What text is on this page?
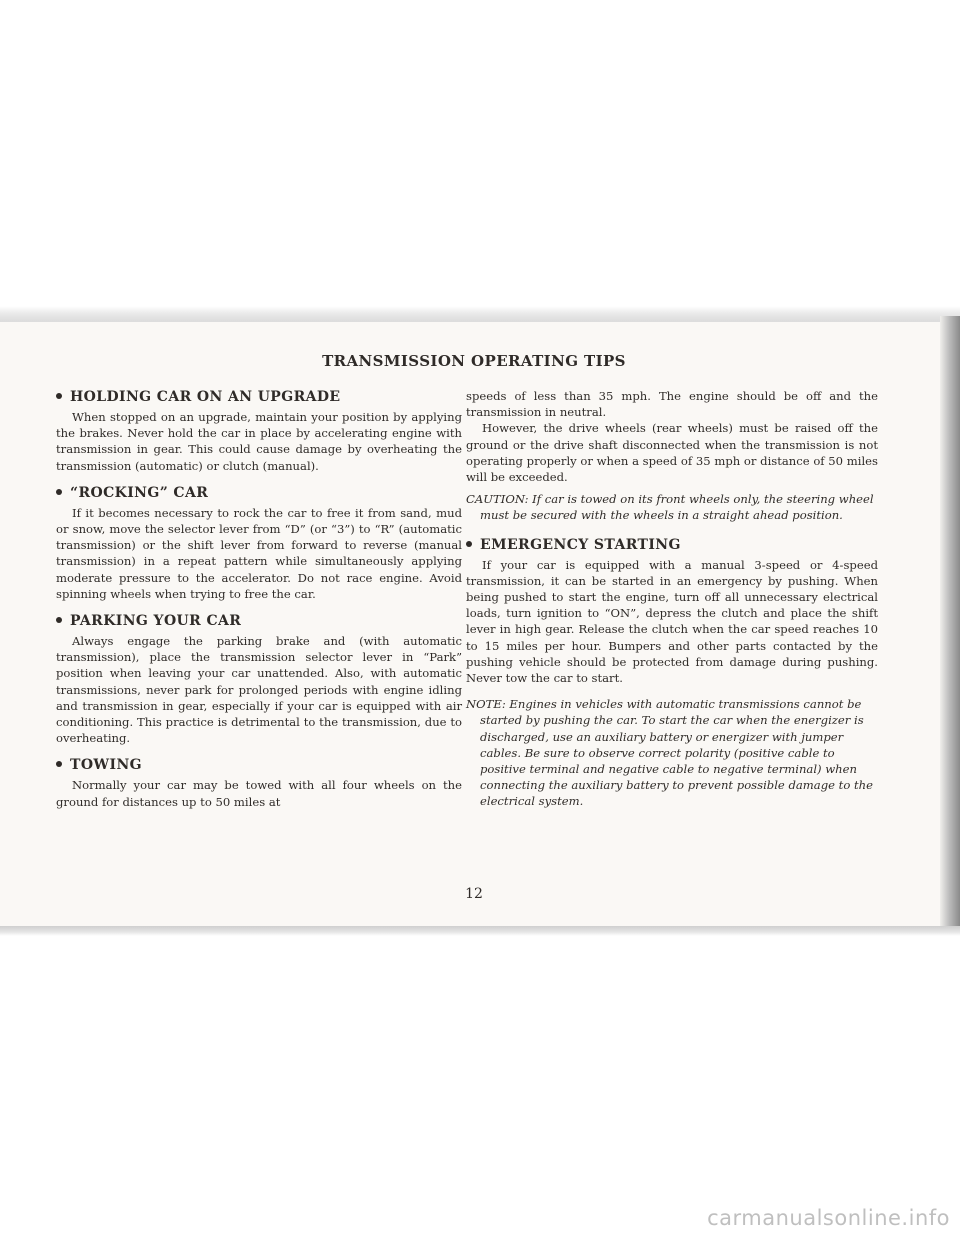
TRANSMISSION OPERATING TIPS
HOLDING CAR ON AN UPGRADE

When stopped on an upgrade, maintain your position by applying the brakes. Never hold the car in place by accelerating engine with transmission in gear. This could cause damage by overheating the transmission (automatic) or clutch (manual).

“ROCKING” CAR

If it becomes necessary to rock the car to free it from sand, mud or snow, move the selector lever from “D” (or “3”) to “R” (automatic transmission) or the shift lever from forward to reverse (manual transmission) in a repeat pattern while simultaneously applying moderate pressure to the accelerator. Do not race engine. Avoid spinning wheels when trying to free the car.

PARKING YOUR CAR

Always engage the parking brake and (with automatic transmission), place the transmission selector lever in “Park” position when leaving your car unattended. Also, with automatic transmissions, never park for prolonged periods with engine idling and transmission in gear, especially if your car is equipped with air conditioning. This practice is detrimental to the transmission, due to overheating.

TOWING

Normally your car may be towed with all four wheels on the ground for distances up to 50 miles at

speeds of less than 35 mph. The engine should be off and the transmission in neutral.

However, the drive wheels (rear wheels) must be raised off the ground or the drive shaft disconnected when the transmission is not operating properly or when a speed of 35 mph or distance of 50 miles will be exceeded.

CAUTION: If car is towed on its front wheels only, the steering wheel must be secured with the wheels in a straight ahead position.

EMERGENCY STARTING

If your car is equipped with a manual 3-speed or 4-speed transmission, it can be started in an emergency by pushing. When being pushed to start the engine, turn off all unnecessary electrical loads, turn ignition to “ON”, depress the clutch and place the shift lever in high gear. Release the clutch when the car speed reaches 10 to 15 miles per hour. Bumpers and other parts contacted by the pushing vehicle should be protected from damage during pushing. Never tow the car to start.

NOTE: Engines in vehicles with automatic transmissions cannot be started by pushing the car. To start the car when the energizer is discharged, use an auxiliary battery or energizer with jumper cables. Be sure to observe correct polarity (positive cable to positive terminal and negative cable to negative terminal) when connecting the auxiliary battery to prevent possible damage to the electrical system.

12
carmanualsonline.info
